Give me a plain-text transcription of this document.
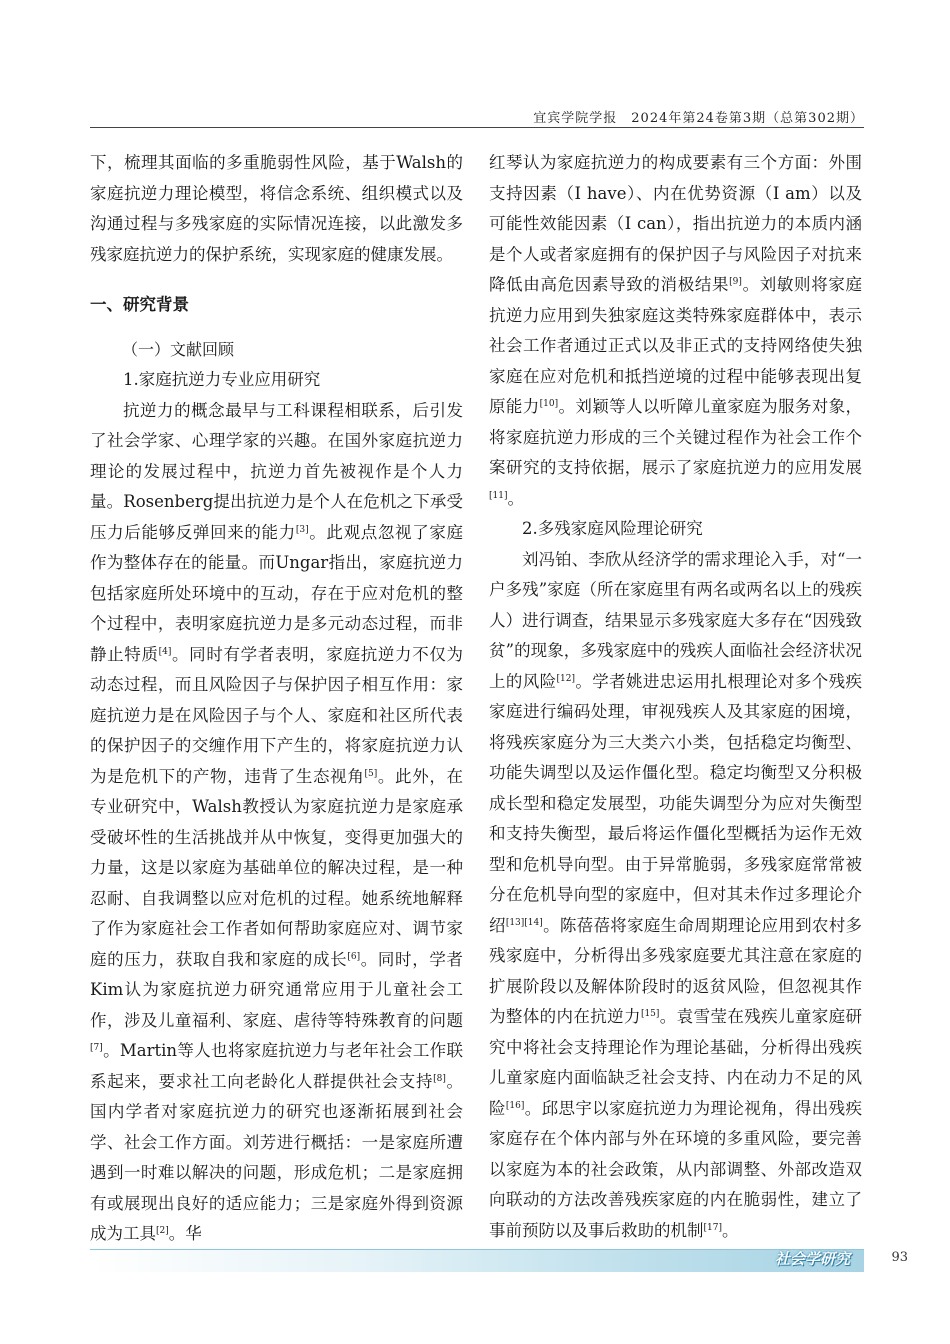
宜宾学院学报　2024年第24卷第3期（总第302期）

下，梳理其面临的多重脆弱性风险，基于Walsh的家庭抗逆力理论模型，将信念系统、组织模式以及沟通过程与多残家庭的实际情况连接，以此激发多残家庭抗逆力的保护系统，实现家庭的健康发展。

一、研究背景
（一）文献回顾
1.家庭抗逆力专业应用研究

抗逆力的概念最早与工科课程相联系，后引发了社会学家、心理学家的兴趣。在国外家庭抗逆力理论的发展过程中，抗逆力首先被视作是个人力量。Rosenberg提出抗逆力是个人在危机之下承受压力后能够反弹回来的能力[3]。此观点忽视了家庭作为整体存在的能量。而Ungar指出，家庭抗逆力包括家庭所处环境中的互动，存在于应对危机的整个过程中，表明家庭抗逆力是多元动态过程，而非静止特质[4]。同时有学者表明，家庭抗逆力不仅为动态过程，而且风险因子与保护因子相互作用：家庭抗逆力是在风险因子与个人、家庭和社区所代表的保护因子的交缠作用下产生的，将家庭抗逆力认为是危机下的产物，违背了生态视角[5]。此外，在专业研究中，Walsh教授认为家庭抗逆力是家庭承受破坏性的生活挑战并从中恢复，变得更加强大的力量，这是以家庭为基础单位的解决过程，是一种忍耐、自我调整以应对危机的过程。她系统地解释了作为家庭社会工作者如何帮助家庭应对、调节家庭的压力，获取自我和家庭的成长[6]。同时，学者Kim认为家庭抗逆力研究通常应用于儿童社会工作，涉及儿童福利、家庭、虐待等特殊教育的问题[7]。Martin等人也将家庭抗逆力与老年社会工作联系起来，要求社工向老龄化人群提供社会支持[8]。国内学者对家庭抗逆力的研究也逐渐拓展到社会学、社会工作方面。刘芳进行概括：一是家庭所遭遇到一时难以解决的问题，形成危机；二是家庭拥有或展现出良好的适应能力；三是家庭外得到资源成为工具[2]。华

红琴认为家庭抗逆力的构成要素有三个方面：外围支持因素（I have）、内在优势资源（I am）以及可能性效能因素（I can），指出抗逆力的本质内涵是个人或者家庭拥有的保护因子与风险因子对抗来降低由高危因素导致的消极结果[9]。刘敏则将家庭抗逆力应用到失独家庭这类特殊家庭群体中，表示社会工作者通过正式以及非正式的支持网络使失独家庭在应对危机和抵挡逆境的过程中能够表现出复原能力[10]。刘颖等人以听障儿童家庭为服务对象，将家庭抗逆力形成的三个关键过程作为社会工作个案研究的支持依据，展示了家庭抗逆力的应用发展[11]。

2.多残家庭风险理论研究

刘冯铂、李欣从经济学的需求理论入手，对“一户多残”家庭（所在家庭里有两名或两名以上的残疾人）进行调查，结果显示多残家庭大多存在“因残致贫”的现象，多残家庭中的残疾人面临社会经济状况上的风险[12]。学者姚进忠运用扎根理论对多个残疾家庭进行编码处理，审视残疾人及其家庭的困境，将残疾家庭分为三大类六小类，包括稳定均衡型、功能失调型以及运作僵化型。稳定均衡型又分积极成长型和稳定发展型，功能失调型分为应对失衡型和支持失衡型，最后将运作僵化型概括为运作无效型和危机导向型。由于异常脆弱，多残家庭常常被分在危机导向型的家庭中，但对其未作过多理论介绍[13][14]。陈蓓蓓将家庭生命周期理论应用到农村多残家庭中，分析得出多残家庭要尤其注意在家庭的扩展阶段以及解体阶段时的返贫风险，但忽视其作为整体的内在抗逆力[15]。袁雪莹在残疾儿童家庭研究中将社会支持理论作为理论基础，分析得出残疾儿童家庭内面临缺乏社会支持、内在动力不足的风险[16]。邱思宇以家庭抗逆力为理论视角，得出残疾家庭存在个体内部与外在环境的多重风险，要完善以家庭为本的社会政策，从内部调整、外部改造双向联动的方法改善残疾家庭的内在脆弱性，建立了事前预防以及事后救助的机制[17]。

社会学研究	93
